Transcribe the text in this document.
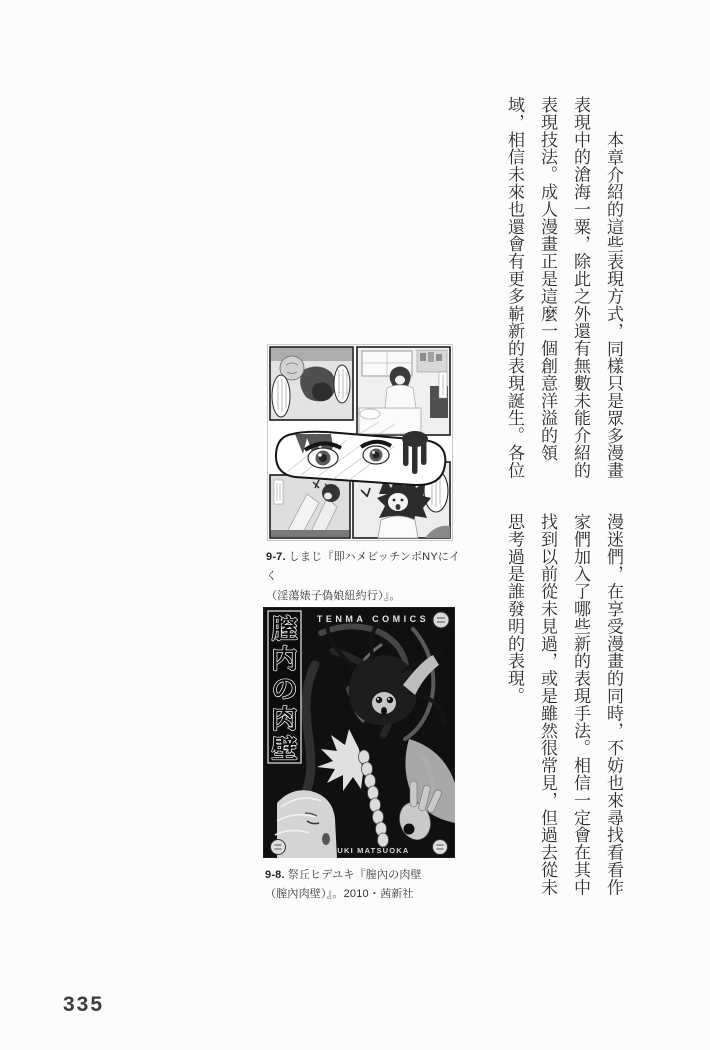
本章介紹的這些表現方式，同樣只是眾多漫畫
表現中的滄海一粟，除此之外還有無數未能介紹的
表現技法。成人漫畫正是這麼一個創意洋溢的領
域，相信未來也還會有更多嶄新的表現誕生。各位
漫迷們，在享受漫畫的同時，不妨也來尋找看看作
家們加入了哪些新的表現手法。相信一定會在其中
找到以前從未見過，或是雖然很常見，但過去從未
思考過是誰發明的表現。
9-7. しまじ『即ハメビッチンポNYにイく
（淫蕩婊子偽娘紐約行）』。
膣
内
の
肉
壁
TENMA COMICS
HIDEYUKI MATSUOKA
9-8. 祭丘ヒデユキ『膣內の肉壁
（膣內肉壁）』。2010・茜新社
335
